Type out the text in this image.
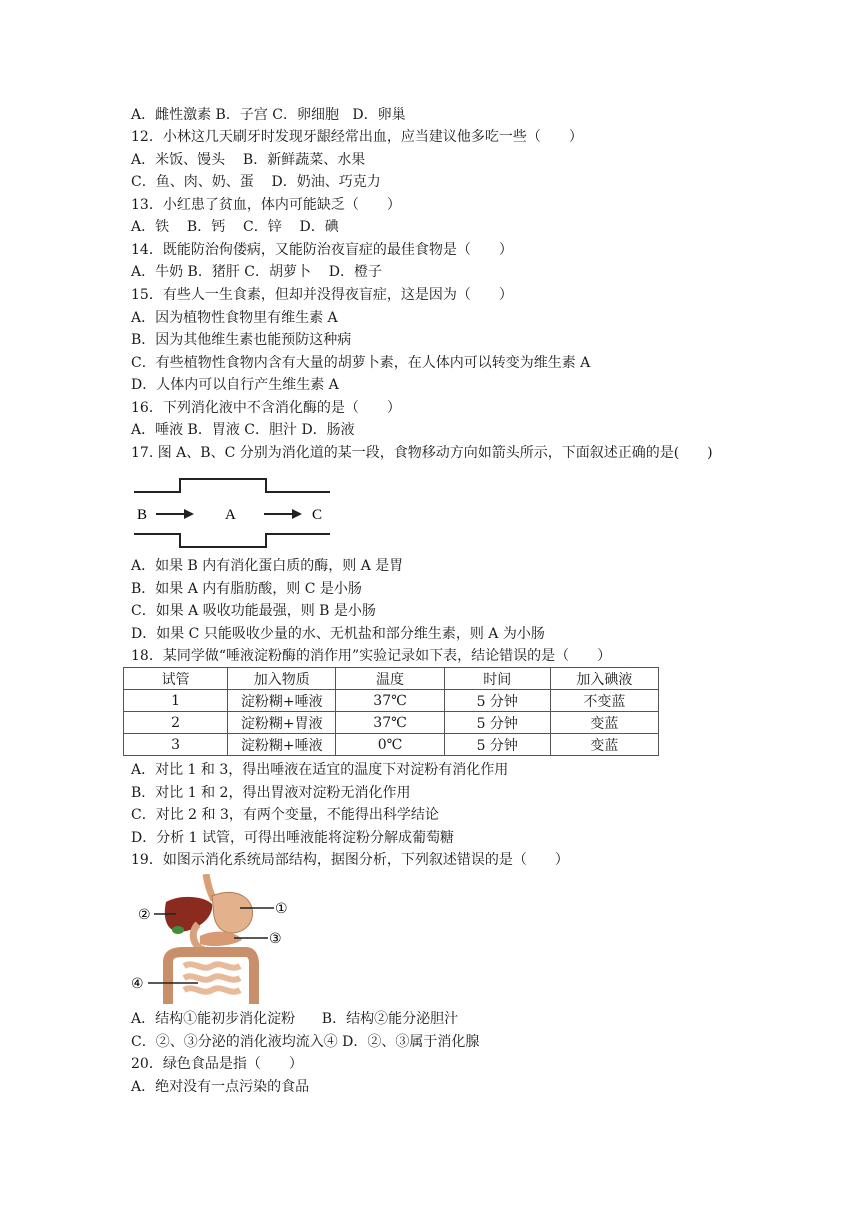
A．雌性激素 B．子宫 C．卵细胞   D．卵巢
12．小林这几天刷牙时发现牙龈经常出血，应当建议他多吃一些（　　）
A．米饭、馒头    B．新鲜蔬菜、水果
C．鱼、肉、奶、蛋    D．奶油、巧克力
13．小红患了贫血，体内可能缺乏（　　）
A．铁    B．钙    C．锌    D．碘
14．既能防治佝偻病，又能防治夜盲症的最佳食物是（　　）
A．牛奶 B．猪肝 C．胡萝卜    D．橙子
15．有些人一生食素，但却并没得夜盲症，这是因为（　　）
A．因为植物性食物里有维生素 A
B．因为其他维生素也能预防这种病
C．有些植物性食物内含有大量的胡萝卜素，在人体内可以转变为维生素 A
D．人体内可以自行产生维生素 A
16．下列消化液中不含消化酶的是（　　）
A．唾液 B．胃液 C．胆汁 D．肠液
17. 图 A、B、C 分别为消化道的某一段，食物移动方向如箭头所示，下面叙述正确的是(　　)
B	A	C
A．如果 B 内有消化蛋白质的酶，则 A 是胃
B．如果 A 内有脂肪酸，则 C 是小肠
C．如果 A 吸收功能最强，则 B 是小肠
D．如果 C 只能吸收少量的水、无机盐和部分维生素，则 A 为小肠
18．某同学做“唾液淀粉酶的消作用”实验记录如下表，结论错误的是（　　）
试管	加入物质	温度	时间	加入碘液
1	淀粉糊+唾液	37℃	5 分钟	不变蓝
2	淀粉糊+胃液	37℃	5 分钟	变蓝
3	淀粉糊+唾液	0℃	5 分钟	变蓝
A．对比 1 和 3，得出唾液在适宜的温度下对淀粉有消化作用
B．对比 1 和 2，得出胃液对淀粉无消化作用
C．对比 2 和 3，有两个变量，不能得出科学结论
D．分析 1 试管，可得出唾液能将淀粉分解成葡萄糖
19．如图示消化系统局部结构，据图分析，下列叙述错误的是（　　）
①
②
③
④
A．结构①能初步消化淀粉      B．结构②能分泌胆汁
C．②、③分泌的消化液均流入④ D．②、③属于消化腺
20．绿色食品是指（　　）
A．绝对没有一点污染的食品
